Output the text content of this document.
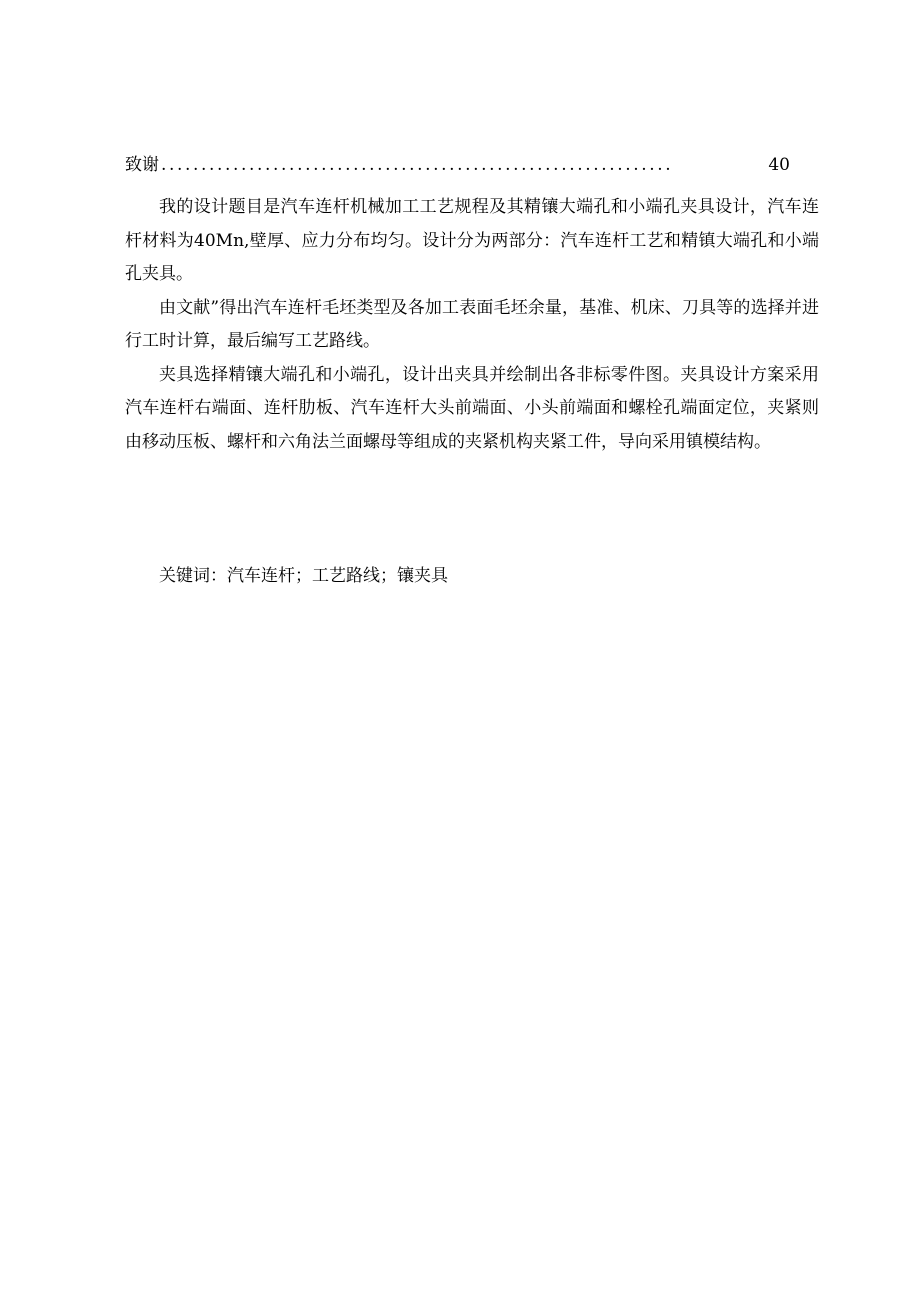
致谢 ................................................................	40

我的设计题目是汽车连杆机械加工工艺规程及其精镶大端孔和小端孔夹具设计，汽车连杆材料为40Mn,壁厚、应力分布均匀。设计分为两部分：汽车连杆工艺和精镇大端孔和小端孔夹具。

由文献”得出汽车连杆毛坯类型及各加工表面毛坯余量，基准、机床、刀具等的选择并进行工时计算，最后编写工艺路线。

夹具选择精镶大端孔和小端孔，设计出夹具并绘制出各非标零件图。夹具设计方案采用汽车连杆右端面、连杆肋板、汽车连杆大头前端面、小头前端面和螺栓孔端面定位，夹紧则由移动压板、螺杆和六角法兰面螺母等组成的夹紧机构夹紧工件，导向采用镇模结构。

关键词：汽车连杆；工艺路线；镶夹具
